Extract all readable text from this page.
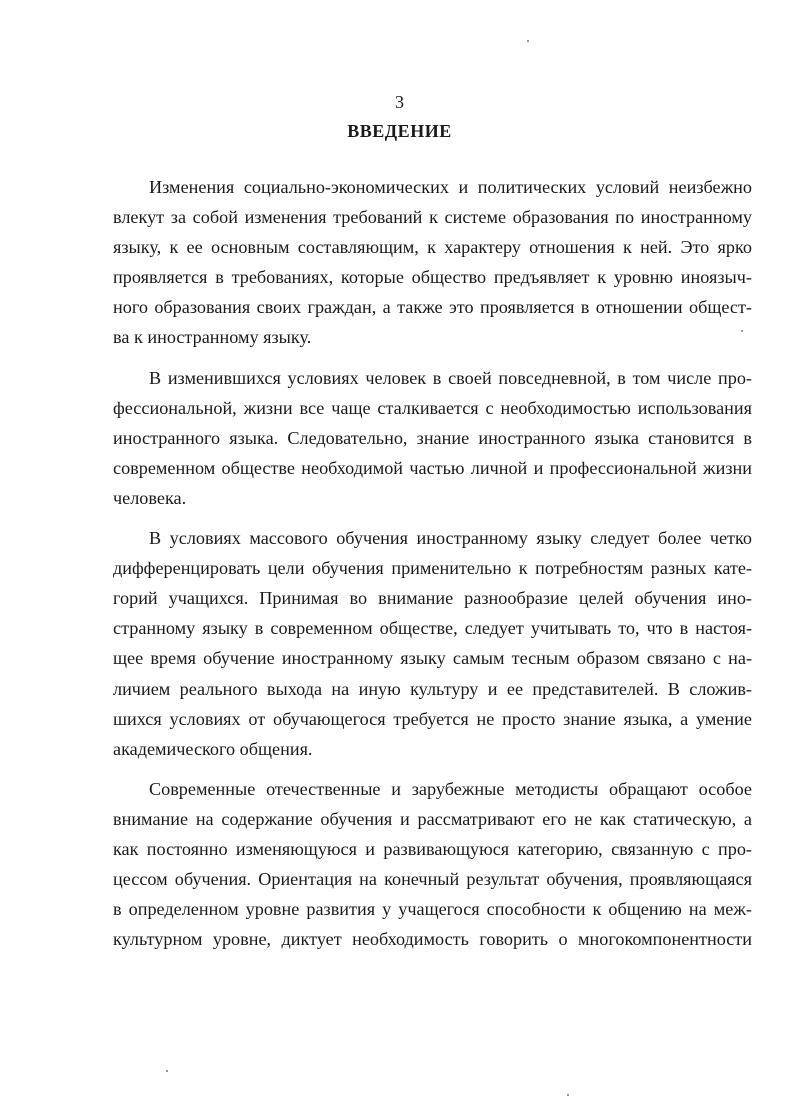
3
ВВЕДЕНИЕ
Изменения социально-экономических и политических условий неизбежно
влекут за собой изменения требований к системе образования по иностранному
языку, к ее основным составляющим, к характеру отношения к ней. Это ярко
проявляется в требованиях, которые общество предъявляет к уровню иноязыч-
ного образования своих граждан, а также это проявляется в отношении общест-
ва к иностранному языку.
В изменившихся условиях человек в своей повседневной, в том числе про-
фессиональной, жизни все чаще сталкивается с необходимостью использования
иностранного языка. Следовательно, знание иностранного языка становится в
современном обществе необходимой частью личной и профессиональной жизни
человека.
В условиях массового обучения иностранному языку следует более четко
дифференцировать цели обучения применительно к потребностям разных кате-
горий учащихся. Принимая во внимание разнообразие целей обучения ино-
странному языку в современном обществе, следует учитывать то, что в настоя-
щее время обучение иностранному языку самым тесным образом связано с на-
личием реального выхода на иную культуру и ее представителей. В сложив-
шихся условиях от обучающегося требуется не просто знание языка, а умение
академического общения.
Современные отечественные и зарубежные методисты обращают особое
внимание на содержание обучения и рассматривают его не как статическую, а
как постоянно изменяющуюся и развивающуюся категорию, связанную с про-
цессом обучения. Ориентация на конечный результат обучения, проявляющаяся
в определенном уровне развития у учащегося способности к общению на меж-
культурном уровне, диктует необходимость говорить о многокомпонентности
